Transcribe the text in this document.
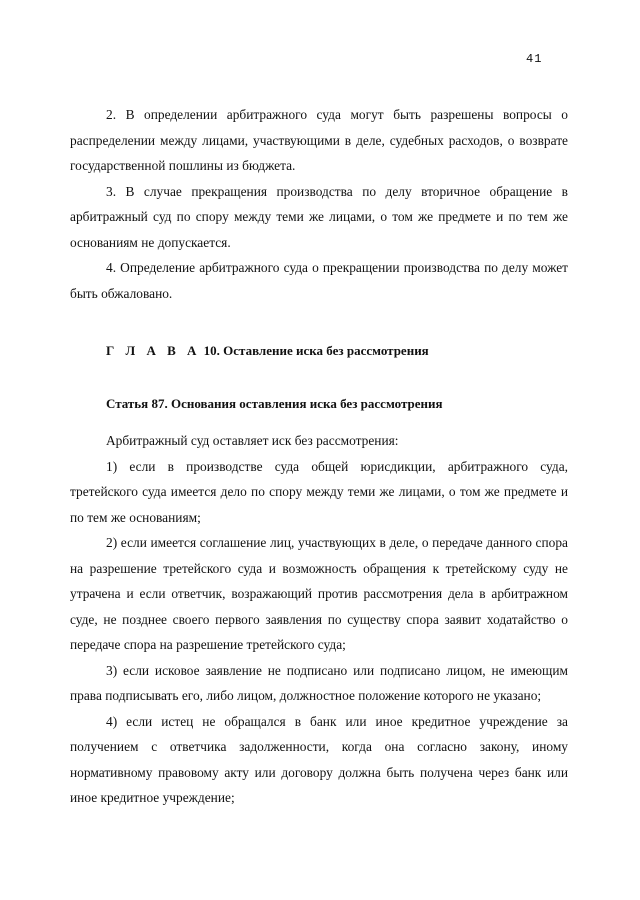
41

2. В определении арбитражного суда могут быть разрешены вопросы о распределении между лицами, участвующими в деле, судебных расходов, о возврате государственной пошлины из бюджета.

3. В случае прекращения производства по делу вторичное обращение в арбитражный суд по спору между теми же лицами, о том же предмете и по тем же основаниям не допускается.

4. Определение арбитражного суда о прекращении производства по делу может быть обжаловано.

Г Л А В А 10. Оставление иска без рассмотрения
Статья 87. Основания оставления иска без рассмотрения

Арбитражный суд оставляет иск без рассмотрения:

1) если в производстве суда общей юрисдикции, арбитражного суда, третейского суда имеется дело по спору между теми же лицами, о том же предмете и по тем же основаниям;

2) если имеется соглашение лиц, участвующих в деле, о передаче данного спора на разрешение третейского суда и возможность обращения к третейскому суду не утрачена и если ответчик, возражающий против рассмотрения дела в арбитражном суде, не позднее своего первого заявления по существу спора заявит ходатайство о передаче спора на разрешение третейского суда;

3) если исковое заявление не подписано или подписано лицом, не имеющим права подписывать его, либо лицом, должностное положение которого не указано;

4) если истец не обращался в банк или иное кредитное учреждение за получением с ответчика задолженности, когда она согласно закону, иному нормативному правовому акту или договору должна быть получена через банк или иное кредитное учреждение;
